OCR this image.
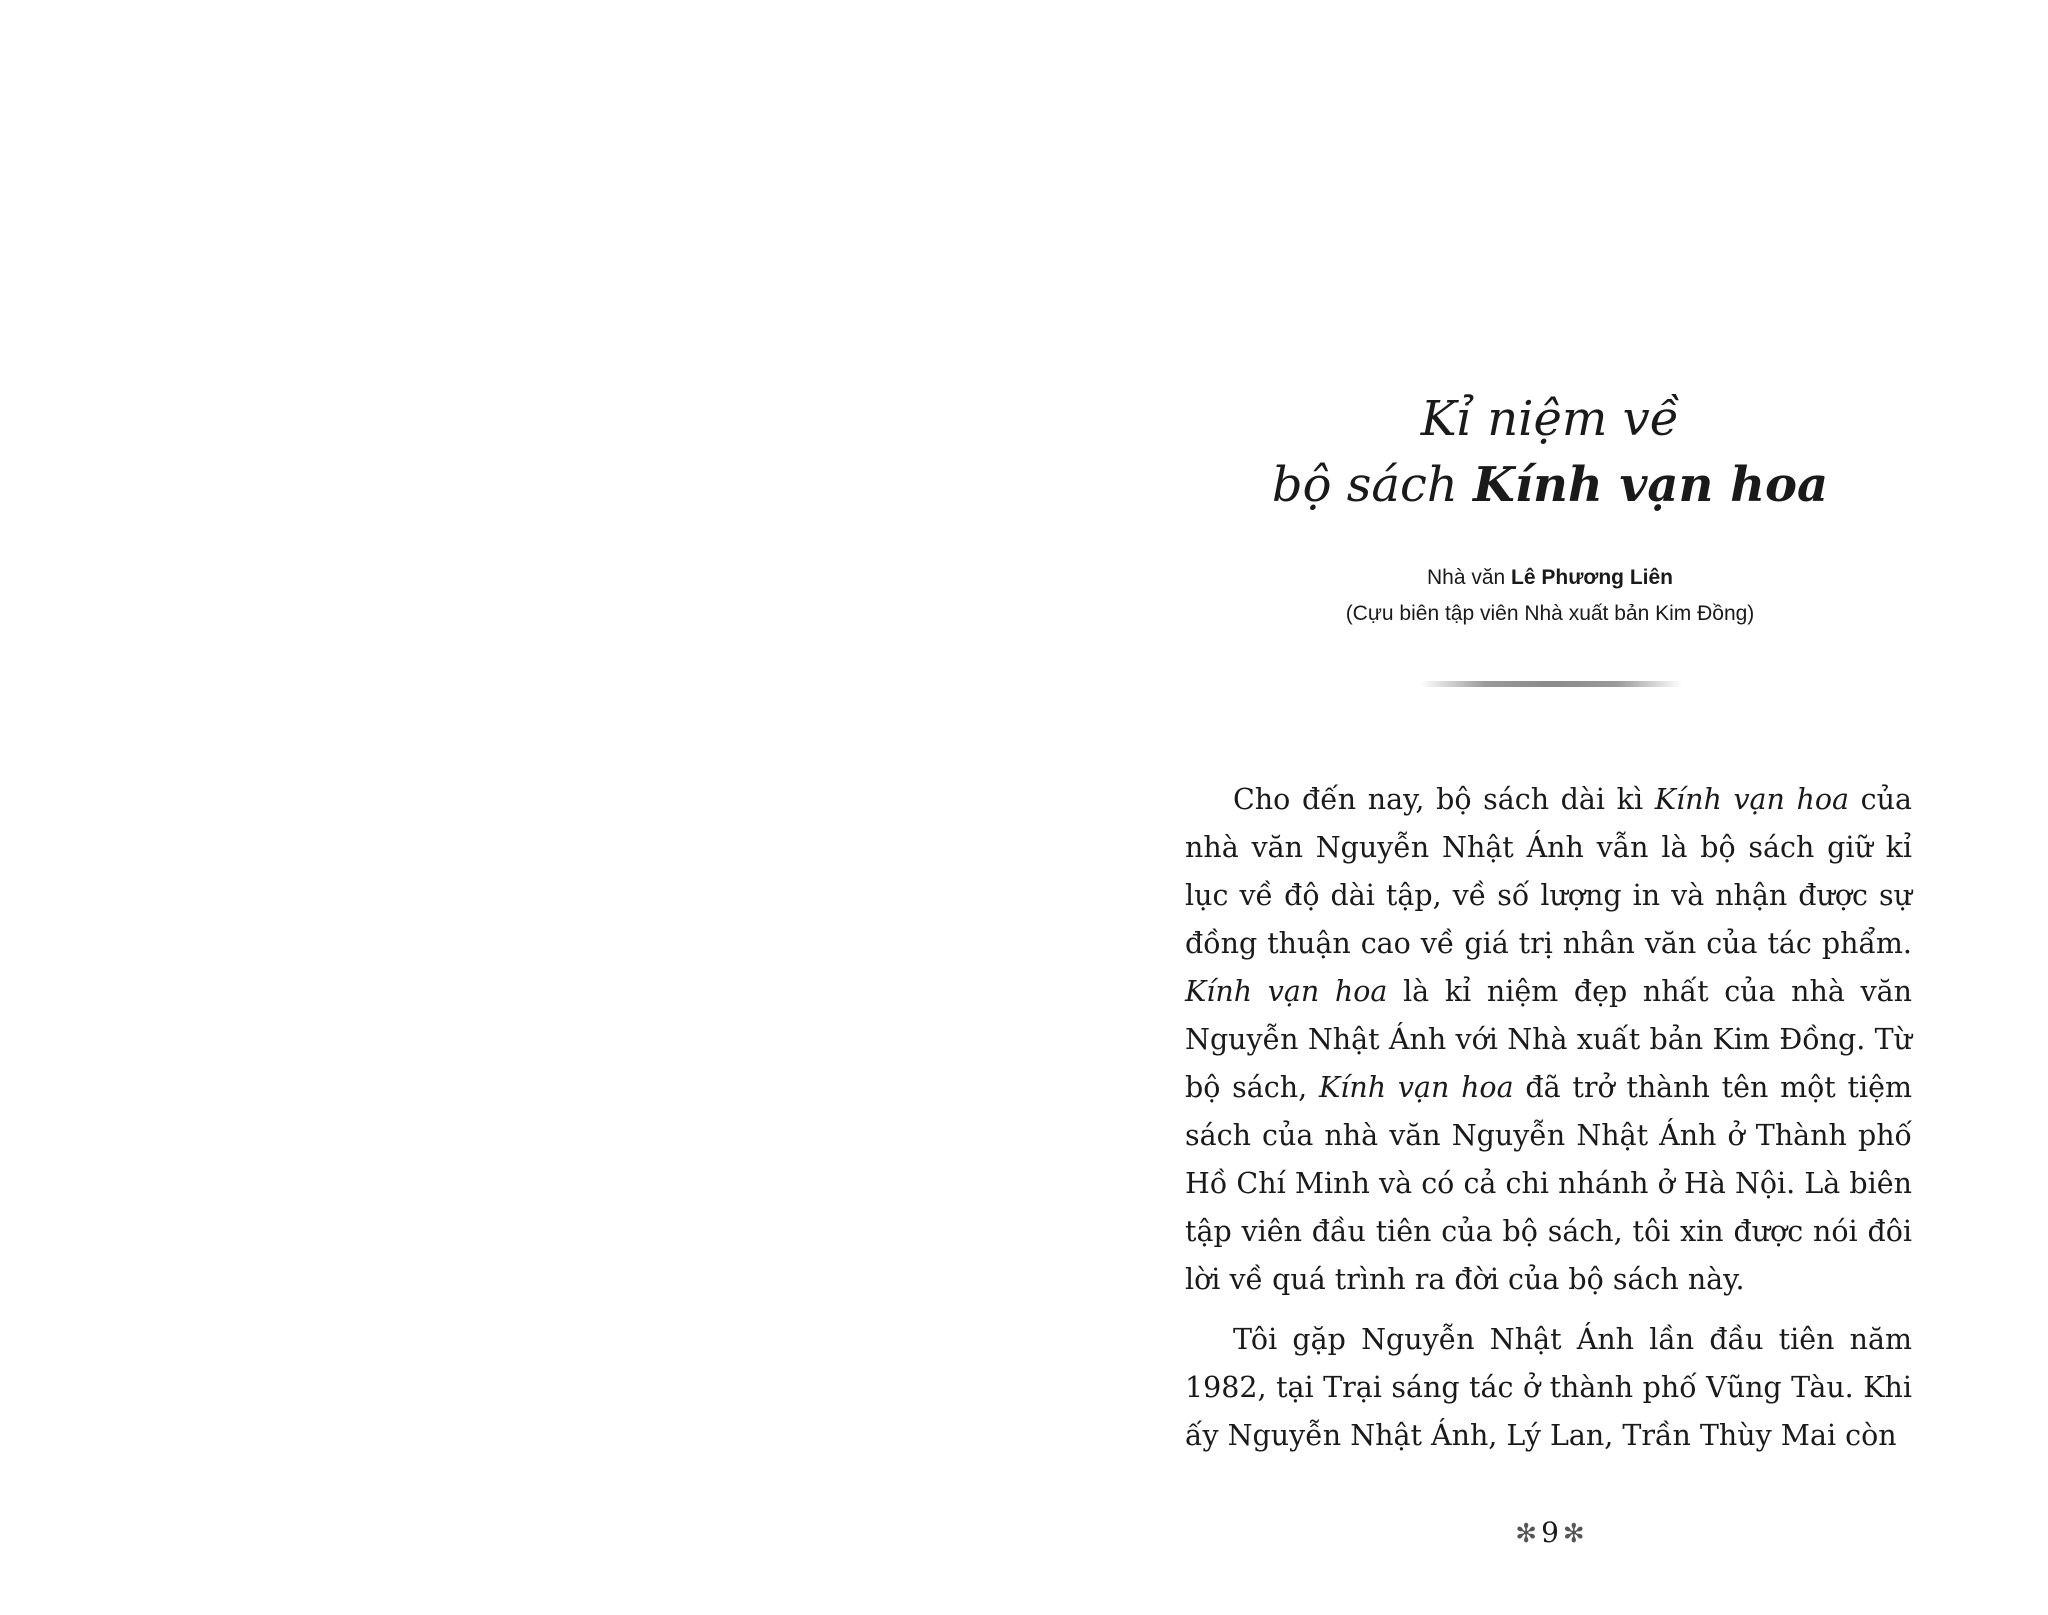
Kỉ niệm về
bộ sách Kính vạn hoa
Nhà văn Lê Phương Liên
(Cựu biên tập viên Nhà xuất bản Kim Đồng)

Cho đến nay, bộ sách dài kì Kính vạn hoa của nhà văn Nguyễn Nhật Ánh vẫn là bộ sách giữ kỉ lục về độ dài tập, về số lượng in và nhận được sự đồng thuận cao về giá trị nhân văn của tác phẩm. Kính vạn hoa là kỉ niệm đẹp nhất của nhà văn Nguyễn Nhật Ánh với Nhà xuất bản Kim Đồng. Từ bộ sách, Kính vạn hoa đã trở thành tên một tiệm sách của nhà văn Nguyễn Nhật Ánh ở Thành phố Hồ Chí Minh và có cả chi nhánh ở Hà Nội. Là biên tập viên đầu tiên của bộ sách, tôi xin được nói đôi lời về quá trình ra đời của bộ sách này.

Tôi gặp Nguyễn Nhật Ánh lần đầu tiên năm 1982, tại Trại sáng tác ở thành phố Vũng Tàu. Khi ấy Nguyễn Nhật Ánh, Lý Lan, Trần Thùy Mai còn

✻ 9 ✻
